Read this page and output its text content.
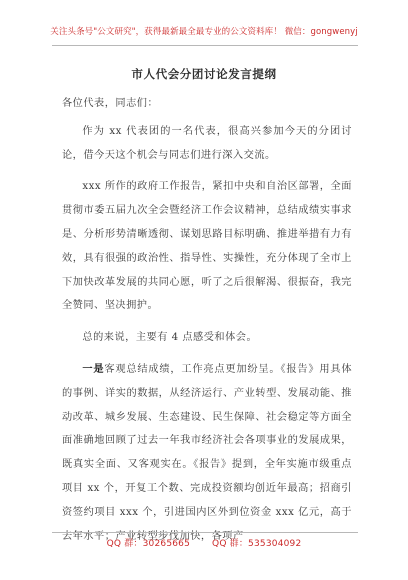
关注头条号"公文研究"，获得最新最全最专业的公文资料库！ 微信：gongwenyj
市人代会分团讨论发言提纲

各位代表，同志们：

作为 xx 代表团的一名代表，很高兴参加今天的分团讨论，借今天这个机会与同志们进行深入交流。

xxx 所作的政府工作报告，紧扣中央和自治区部署，全面贯彻市委五届九次全会暨经济工作会议精神，总结成绩实事求是、分析形势清晰透彻、谋划思路目标明确、推进举措有力有效，具有很强的政治性、指导性、实操性，充分体现了全市上下加快改革发展的共同心愿，听了之后很解渴、很振奋，我完全赞同、坚决拥护。

总的来说，主要有 4 点感受和体会。

一是客观总结成绩，工作亮点更加纷呈。《报告》用具体的事例、详实的数据，从经济运行、产业转型、发展动能、推动改革、城乡发展、生态建设、民生保障、社会稳定等方面全面准确地回顾了过去一年我市经济社会各项事业的发展成果，既真实全面、又客观实在。《报告》提到，全年实施市级重点项目 xx 个，开复工个数、完成投资额均创近年最高；招商引资签约项目 xxx 个，引进国内区外到位资金 xxx 亿元，高于去年水平；产业转型步伐加快，各项产

QQ 群：30265665 QQ 群：535304092
